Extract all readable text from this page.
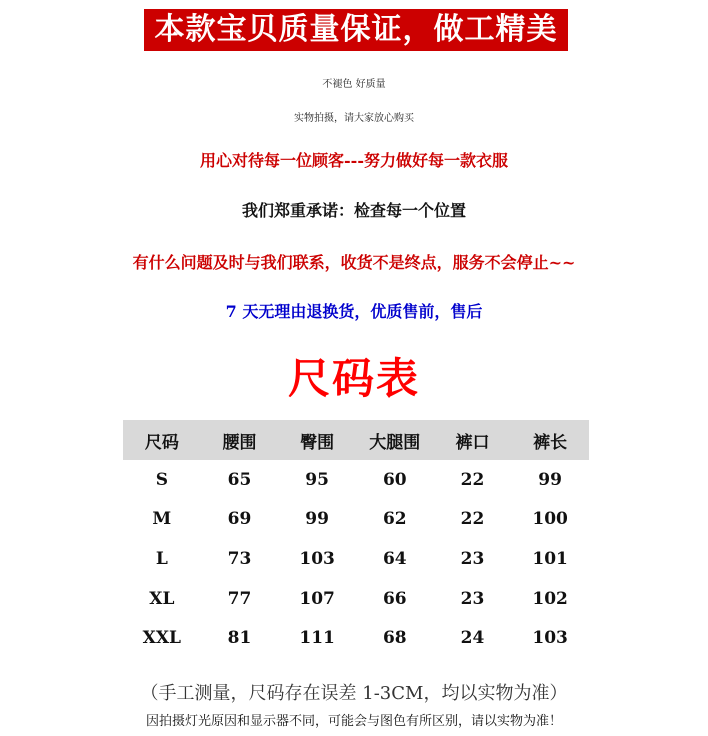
本款宝贝质量保证，做工精美
不褪色 好质量
实物拍摄，请大家放心购买
用心对待每一位顾客---努力做好每一款衣服
我们郑重承诺：检查每一个位置
有什么问题及时与我们联系，收货不是终点，服务不会停止~~
7 天无理由退换货，优质售前，售后
尺码表
尺码	腰围	臀围	大腿围	裤口	裤长
S	65	95	60	22	99
M	69	99	62	22	100
L	73	103	64	23	101
XL	77	107	66	23	102
XXL	81	111	68	24	103
（手工测量，尺码存在误差 1-3CM，均以实物为准）
因拍摄灯光原因和显示器不同，可能会与图色有所区别，请以实物为准！
